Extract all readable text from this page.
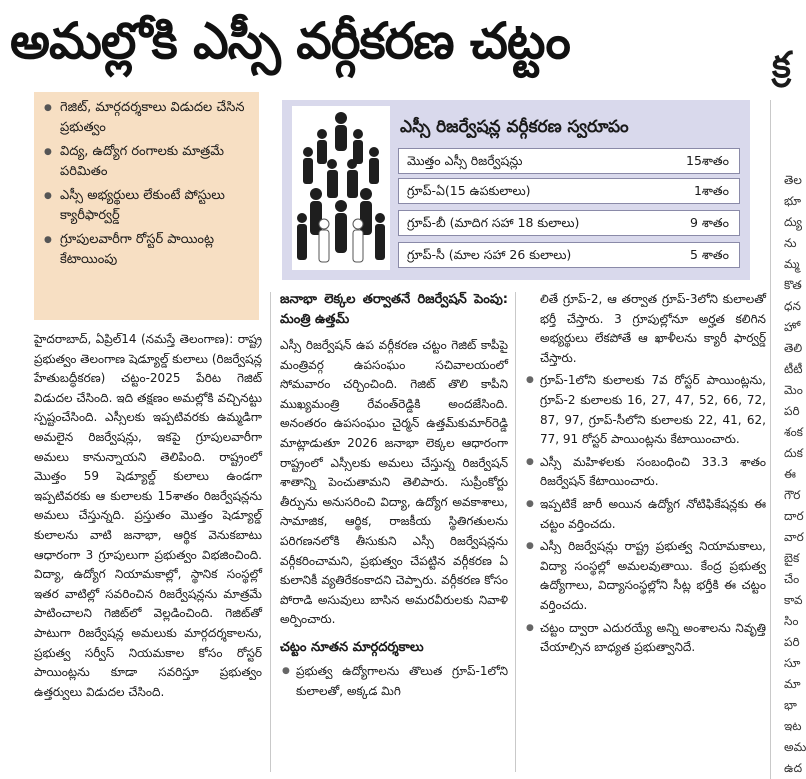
అమల్లోకి ఎస్సీ వర్గీకరణ చట్టం	క్ర
● గెజిట్, మార్గదర్శకాలు విడుదల చేసిన ప్రభుత్వం
● విద్య, ఉద్యోగ రంగాలకు మాత్రమే పరిమితం
● ఎస్సీ అభ్యర్థులు లేకుంటే పోస్టులు క్యారీఫార్వర్డ్
● గ్రూపులవారీగా రోస్టర్ పాయింట్ల కేటాయింపు
ఎస్సీ రిజర్వేషన్ల వర్గీకరణ స్వరూపం
మొత్తం ఎస్సీ రిజర్వేషన్లు	15శాతం
గ్రూప్‌-ఏ(15 ఉపకులాలు)	1శాతం
గ్రూప్‌-బీ (మాదిగ సహా 18 కులాలు)	9 శాతం
గ్రూప్‌-సీ (మాల సహా 26 కులాలు)	5 శాతం

హైదరాబాద్, ఏప్రిల్14 (నమస్తే తెలంగాణ): రాష్ట్ర ప్రభుత్వం తెలంగాణ షెడ్యూల్డ్ కులాలు (రిజర్వేషన్ల హేతుబద్ధీకరణ) చట్టం-2025 పేరిట గెజిట్ విడుదల చేసింది. ఇది తక్షణం అమల్లోకి వచ్చినట్టు స్పష్టంచేసింది. ఎస్సీలకు ఇప్పటివరకు ఉమ్మడిగా అమలైన రిజర్వేషన్లు, ఇకపై గ్రూపులవారీగా అమలు కానున్నాయని తెలిపింది. రాష్ట్రంలో మొత్తం 59 షెడ్యూల్డ్ కులాలు ఉండగా ఇప్పటివరకు ఆ కులాలకు 15శాతం రిజర్వేషన్లను అమలు చేస్తున్నది. ప్రస్తుతం మొత్తం షెడ్యూల్డ్ కులాలను వాటి జనాభా, ఆర్థిక వెనుకబాటు ఆధారంగా 3 గ్రూపులుగా ప్రభుత్వం విభజించింది. విద్యా, ఉద్యోగ నియామకాల్లో, స్థానిక సంస్థల్లో ఇతర వాటిల్లో సవరించిన రిజర్వేషన్లను మాత్రమే పాటించాలని గెజిట్‌లో వెల్లడించింది. గెజిట్‌తో పాటుగా రిజర్వేషన్ల అమలుకు మార్గదర్శకాలను, ప్రభుత్వ సర్వీస్ నియమకాల కోసం రోస్టర్ పాయింట్లను కూడా సవరిస్తూ ప్రభుత్వం ఉత్తర్వులు విడుదల చేసింది.

జనాభా లెక్కల తర్వాతనే రిజర్వేషన్ పెంపు: మంత్రి ఉత్తమ్

ఎస్సీ రిజర్వేషన్ ఉప వర్గీకరణ చట్టం గెజిట్ కాపీపై మంత్రివర్గ ఉపసంఘం సచివాలయంలో సోమవారం చర్చించింది. గెజిట్ తొలి కాపీని ముఖ్యమంత్రి రేవంత్‌రెడ్డికి అందజేసింది. అనంతరం ఉపసంఘం చైర్మన్ ఉత్తమ్‌కుమార్‌రెడ్డి మాట్లాడుతూ 2026 జనాభా లెక్కల ఆధారంగా రాష్ట్రంలో ఎస్సీలకు అమలు చేస్తున్న రిజర్వేషన్ శాతాన్ని పెంచుతామని తెలిపారు. సుప్రీంకోర్టు తీర్పును అనుసరించి విద్యా, ఉద్యోగ అవకాశాలు, సామాజిక, ఆర్థిక, రాజకీయ స్థితిగతులను పరిగణనలోకి తీసుకుని ఎస్సీ రిజర్వేషన్లను వర్గీకరించామని, ప్రభుత్వం చేపట్టిన వర్గీకరణ ఏ కులానికీ వ్యతిరేకంకాదని చెప్పారు. వర్గీకరణ కోసం పోరాడి అసువులు బాసిన అమరవీరులకు నివాళి అర్పించారు.

చట్టం నూతన మార్గదర్శకాలు

● ప్రభుత్వ ఉద్యోగాలను తొలుత గ్రూప్‌-1లోని కులాలతో, అక్కడ మిగి

లితే గ్రూప్‌-2, ఆ తర్వాత గ్రూప్‌-3లోని కులాలతో భర్తీ చేస్తారు. 3 గ్రూపుల్లోనూ అర్హత కలిగిన అభ్యర్థులు లేకపోతే ఆ ఖాళీలను క్యారీ ఫార్వర్డ్ చేస్తారు.

● గ్రూప్-1లోని కులాలకు 7వ రోస్టర్ పాయింట్లను, గ్రూప్-2 కులాలకు 16, 27, 47, 52, 66, 72, 87, 97, గ్రూప్-సీలోని కులాలకు 22, 41, 62, 77, 91 రోస్టర్ పాయింట్లను కేటాయించారు.
● ఎస్సీ మహిళలకు సంబంధించి 33.3 శాతం రిజర్వేషన్ కేటాయించారు.
● ఇప్పటికే జారీ అయిన ఉద్యోగ నోటిఫికేషన్లకు ఈ చట్టం వర్తించదు.
● ఎస్సీ రిజర్వేషన్లు రాష్ట్ర ప్రభుత్వ నియామకాలు, విద్యా సంస్థల్లో అమలవుతాయి. కేంద్ర ప్రభుత్వ ఉద్యోగాలు, విద్యాసంస్థల్లోని సీట్ల భర్తీకి ఈ చట్టం వర్తించదు.
● చట్టం ద్వారా ఎదురయ్యే అన్ని అంశాలను నివృత్తి చేయాల్సిన బాధ్యత ప్రభుత్వానిదే.
తెల
భూ
ద్యు
ను
మ్మ
కొత
ధన
హో
తెలి
టీటీ
మెం
పరి
శంక
దుక
ఈ
గౌర
దార
వార
బైక
చేం
కావ
సిం
పరి
సూ
మా
భా
ఇట
అమ
ఉద
